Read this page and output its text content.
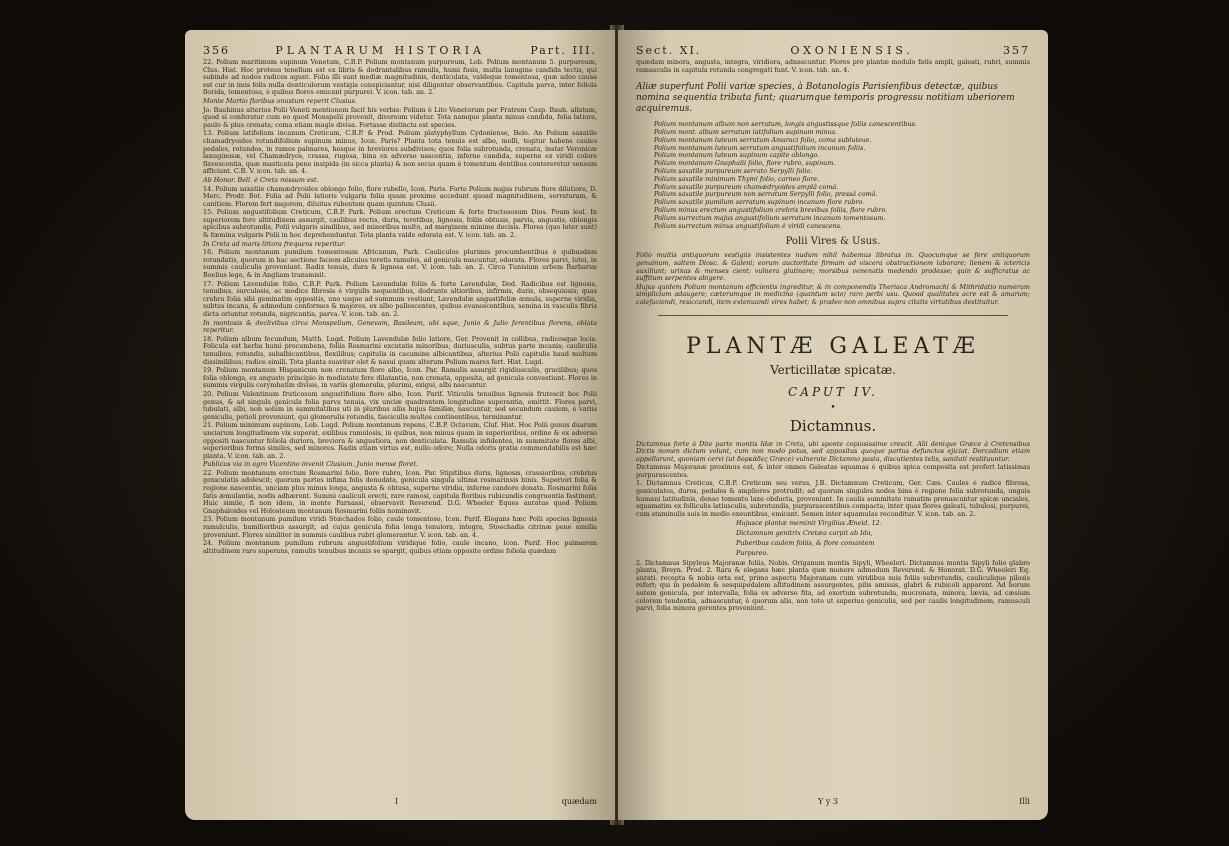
356	PLANTARUM HISTORIA	Part. III.

22. Polium maritimum supinum Venetum, C.B.P. Polium montanum purpureum, Lob. Polium montanum 5. purpureum, Clus. Hist. Hoc proteus tenellum est ex libris & dodrantalibus ramulis, humi fusis, multa lanugine candida tectis, qui subinde ad nodos radices agunt. Folia illi sunt mediæ magnitudinis, denticulata, valdeque tomentosa, quæ adeo causa est cur in imis folis nulla denticulorum vestigia conspiciantur, nisi diligenter observantibus. Capitula parva, inter foliola florida, tomentosa, è quibus flores emicant purpurei. V. icon. tab. an. 2.

Monte Martio floribus onustum reperit Clusius.

Jo. Bauhinus alterius Polii Veneti mentionem facit his verbis: Polium è Lito Venetorum per Fratrem Casp. Bauh. allatum, quod si conferatur cum eo quod Monspelii provenit, diversum videtur. Tota namque planta minus candida, folia latiora, paulo & plus crenata; coma etiam magis divisa. Fortasse distincta est species.

13. Polium latifolium incanum Creticum, C.B.P. & Prod. Polium platyphyllum Cydoniense, Belo. An Polium saxatile chamadryoides rotundifolium supinum minus, Icon. Paris? Planta tota tenuis est albo, molli, tegitur habens caules pedales, rotundos, in ramos palmares, hosque in breviores subdivisos; quos folia subrotunda, crenata, instar Veronicæ lanuginosæ, vel Chamædryos, crassa, rugosa, bina ex adverso nascentia, inferne candida, superne ex viridi colore flavescentia, quæ masticata pene insipida (in sicca planta) & non secus quam è tomentum dentibus contereretur sensum afficiunt. C.B. V. icon. tab. an. 4.

Ab Honor. Bell. è Creta missum est.

14. Polium saxatile chamædryoides oblongo folio, flore rubello, Icon. Paris. Forte Polium majus rubrum flore dilutiore, D. Merc. Prodr. Bot. Folia ad Polii latioris vulgaris folia quam proxime accedunt quoad magnitudinem, serraturam, & canitiem. Florem fert majorem, diluitus rubentem quam quintum Clusii.

15. Polium angustifolium Creticum, C.B.P. Park. Polium erectum Creticum & forte fructesosum Dios. Poum leal. In superiorem fere altitudinem assurgit, caulibus rectis, duris, teretibus, lignosis, foliis obtusis, parvis, angustis, oblongis apicibus subrotundis, Polii vulgaris similibus, sed minoribus multo, ad marginem minime decisis. Flores (quo luter sunt) & fœmina vulgaris Polii in hoc deprehenduntur. Tota planta valde odorata est. V. icon. tab. an. 2.

In Creta ad maris littora frequens reperitur.

16. Polium montanum pumilum tomentosum Africanum, Park. Cauliculos plurimis procumbentibus è quibusdam rotundatis, quorum in hac sectione faciem alicuius teretis ramulos, ad genicula nascuntur, odorata. Flores parvi, lutei, in summis cauliculis proveniunt. Radix tenuis, dura & lignosa est. V. icon. tab. an. 2. Circa Tunisium urbem Barbariæ Boelius lege, & in Angliam transmisit.

17. Polium Lavendulæ folio, C.B.P. Park. Polium Lavandulæ foliis & forte Lavendulæ, Dod. Radicibus est lignosis, tenuibus, surculosis, ac modice fibrosis è virgulis nequentibus, dodrante altioribus, infirmis, duris, obsequiosis; quas crebra folia sibi geminatim oppositis, uno usque ad summum vestiunt, Lavendulæ angustifoliæ æmula, superne viridia, subtus incana, & admodum conformes & majores, ex albo pallescentes, quibus evanescentibus, semina in vasculis fibris dicta oriuntur rotunda, nigricantia, parva. V. icon. tab. an. 2.

In montosis & declivibus circa Monspelium, Genevam, Basileam, ubi sque, Junio & Julio ferentibus florens, oblata reperitur.

18. Polium album fecundum, Matth. Lugd. Polium Lavendulæ folio latiore, Ger. Provenit in collibus, radicosque locis. Folicula est herba humi procumbens, foliis Rosmarini excutatis minoribus, duriusculis, subtus parte incanis; cauliculis tenuibus, rotundis, subalbicantibus, flexilibus; capitulis in cacumine albicantibus, alterius Polii capitulis haud multum dissimilibus; radice simili. Tota planta suaviter olet & nasui quam alterum Polium mares fert. Hist. Lugd.

19. Polium montanum Hispanicum non crenatum flore albo, Icon. Par. Ramulis assurgit rigidiusculis, gracilibus; quos folia oblonga, ex angusto principio in mediatate fere dilatantia, non crenata, opposita, ad genicula convestiunt. Flores in summis virgulis corymbatim divisis, in variis glomerulis, plurimi, exigui, albi nascuntur.

20. Polium Valentinum fruticosum angustifolium flore albo, Icon. Parif. Viticulis tenuibus lignosis frutescit hoc Polii genus, & ad singula genicula folia parva tenuia, vix unciæ quadrantem longitudine superantia, emittit. Flores parvi, tubulati, albi, non solum in summitatibus uti in pluribus aliis hujus familiæ, nascuntur, sed secundum caulem, è variis geniculis, petioli proveniunt, qui glomerulis rotundis, fasciculis multos continentibus, terminantur.

21. Polium minimum supinum, Lob. Lugd. Polium montanum repens, C.B.P. Octavum, Cluf. Hist. Hoc Polii genus duarum unciarum longitudinem vix superat, exilibus ramulosis, in quibus, non minus quam in superioribus, ordine & ex adverso oppositi nascuntur foliola duriora, breviora & angustiora, non denticulata. Ramulis infidentes, in summitate flores albi, superioribus forma similes, sed minores. Radix etiam virtus est, nullo odore; Nulla odoris gratia commendabilis est hæc planta. V. icon. tab. an. 2.

Publicus via in agro Vicentino invenit Clusium. Junio mense floret.

22. Polium montanum erectum Rosmarini folio, flore rubro, Icon. Par. Stipitibus duris, lignosis, crassioribus, crebrius geniculatis adolescit; quorum partes infima folis denudata, genicula singula ultima rosmarinsis binis. Superiori folia & regione nascentia, unciam plus minus longa, angusta & obtusa, superne viridia, inferne candore donata. Rosmarini folia fatis æmulantia, nodis adhærent. Summi cauliculi erecti, raro ramosi, capitula floribus rubicundis congruentia fastinent. Huic simile, fi non idem, in monte Parnassi, observavit Reverend. D.G. Wheeler Eques auratus quod Polium Gnaphaloides vel Holosteum montanum Rosmarini foliis nominavit.

23. Polium montanum pumilum viridi Stœchados folio, caule tomentoso, Icon. Parif. Elegans hæc Polii species lignosis ramulculis, humilioribus assurgit, ad cujus genicula folia longa tenuiora, integra, Stoechadis citrinæ pene similia proveniunt. Flores similiter in summis caulibus rubri glomerantur. V. icon. tab. an. 4.

24. Polium montanum pumilum rubrum angustifolium viridique folio, caule incano, Icon. Parif. Hoc palmarem altitudinem raro superans, ramulis tenuibus incanis se spargit, quibus etiam opposite ordine foliola quædam

I	quædam
Sect. XI.	OXONIENSIS.	357

quædam minora, angusta, integra, viridiora, adnascuntur. Flores pro plantæ modulo fatis ampli, galeati, rubri, summis ramusculis in capitula rotunda congregati funt. V. icon. tab. an. 4.

Aliæ superfunt Polii variæ species, à Botanologis Parisienfibus detectæ, quibus nomina sequentia tributa funt; quarumque temporis progressu notitiam uberiorem acquiremus.
Polium montanum album non serratum, longis angustissque foliis canescentibus.
Polium mont. album serratum latifolium supinum minus.
Polium montanum luteum serratum Amaraci folio, coma subluteae.
Polium montanum luteum serratum angustifolium incanum foliis.
Polium montanum luteum supinum capite oblongo.
Polium montanum Gnaphalii folio, flore rubro, supinum.
Polium saxatile purpureum serrato Serpylli folio.
Polium saxatile minimum Thymi folio, carneo flore.
Polium saxatile purpureum chamædryoides amplâ comâ.
Polium saxatile purpureum non serratum Serpylli folio, pressâ comâ.
Polium saxatile pumilum serratum supinum incanum flore rubro.
Polium minus erectum angustifolium crebris brevibus foliis, flore rubro.
Polium surrectum majus angustifolium serratum incanum tomentosum.
Polium surrectum minus angustifolium è viridi canescens.
Polii Vires & Usus.

Folio multis antiquorum vestigiis insistentes nudum nihil habemus libratus in. Quocumque se fere antiquorum genuinum, saltem Diosc. & Galeni; eorum auctoritate firmam ad viscera obstructionem laborare; lienem & ictericis auxiliunt; urinas & menses cient; vulnera glutinare; morsibus venenatis medendo prodesse; quin & sufficratus ac suffitum serpentes abigere.

Hujus quidem Polium montanum efficientis ingreditur, & in componendis Theriaca Andromachi & Mithridatio numerum simplicium adaugere; cæterumque in medicina (quantum scio) raro perbi usu. Quoad qualitates acre est & amarum; calefaciendi, resiccandi, item extenuandi vires habet; & pradeo non omnibus supra citatis virtutibus destituitur.

PLANTÆ GALEATÆ
Verticillatæ spicatæ.
CAPUT IV.
•
Dictamnus.

Dictamnus forte à Dite parte montis Idæ in Creta, ubi sponte copiosissime crescit. Alii denique Græce à Cretensibus Dictis nomen dictum volunt, cum non modo potus, sed appositus quoque partus defunctos ejiciat. Dorcadium etiam appellarunt, quoniam cervi (ut δορκάδες Græce) vulnerate Dictamno pasta, discutientes telis, sanitati restituuntur.

Dictamnus Majoranæ proximus est, & inter omnes Galeatas squamas è quibus spica composita est profert latissimas purpurascentes.

1. Dictamnus Creticus, C.B.P. Creticum seu verus, J.B. Dictamnum Creticum, Ger. Cæs. Caules è radice fibrosa, geniculatos, duros, pedales & ampliores protrudit; ad quorum singulos nodos bina è regione folia subrotunda, unguis humani latitudinis, denso tomento laxe obducta, proveniunt. In caulis summitate ramatim pronascuntur spicæ unciales, squamatim ex folliculis latiusculis, subrotundis, purpurascentibus compacta; inter quas flores galeati, tubulosi, purpurei, cum staminulis suis in medio exeuntibus, emicant. Semen inter squamulas reconditur. V. icon. tab. an. 2.

Hujusce plantæ meminit Virgilius Æneid. 12.
Dictamnum genitrix Cretæa carpit ab Ida,
Puberibus caulem foliis, & flore comantem
Purpureo.

2. Dictamnus Sipyleus Majoranæ foliis, Nobis. Origanum montis Sipyli, Wheeleri. Dictamnus montis Sipyli folio glabro planta, Breyn. Prod. 2. Rara & elegans hæc planta quæ munere admodum Reverend. & Honorat. D.G. Wheeleri Eq. aurati. recepta & nobis orta est, primo aspectu Majoranam cum viridibus suis foliis subrotundis, cauliculique pilosis refert; qui in pedalem & sesquipedalem altitudinem assurgentes, pilis amissis, glabri & rubicoli apparent. Ad horum autem genicula, per intervalla, folia ex adverso fita, ad exortum subrotunda, mucronata, minora, lævia, ad cæsium colorem tendentia, adnascuntur, è quorum alis, non toto ut superius geniculis, sed per caulis longitudinem, ramusculi parvi, folia minora gerentes proveniunt.

Y y 3	Illi
